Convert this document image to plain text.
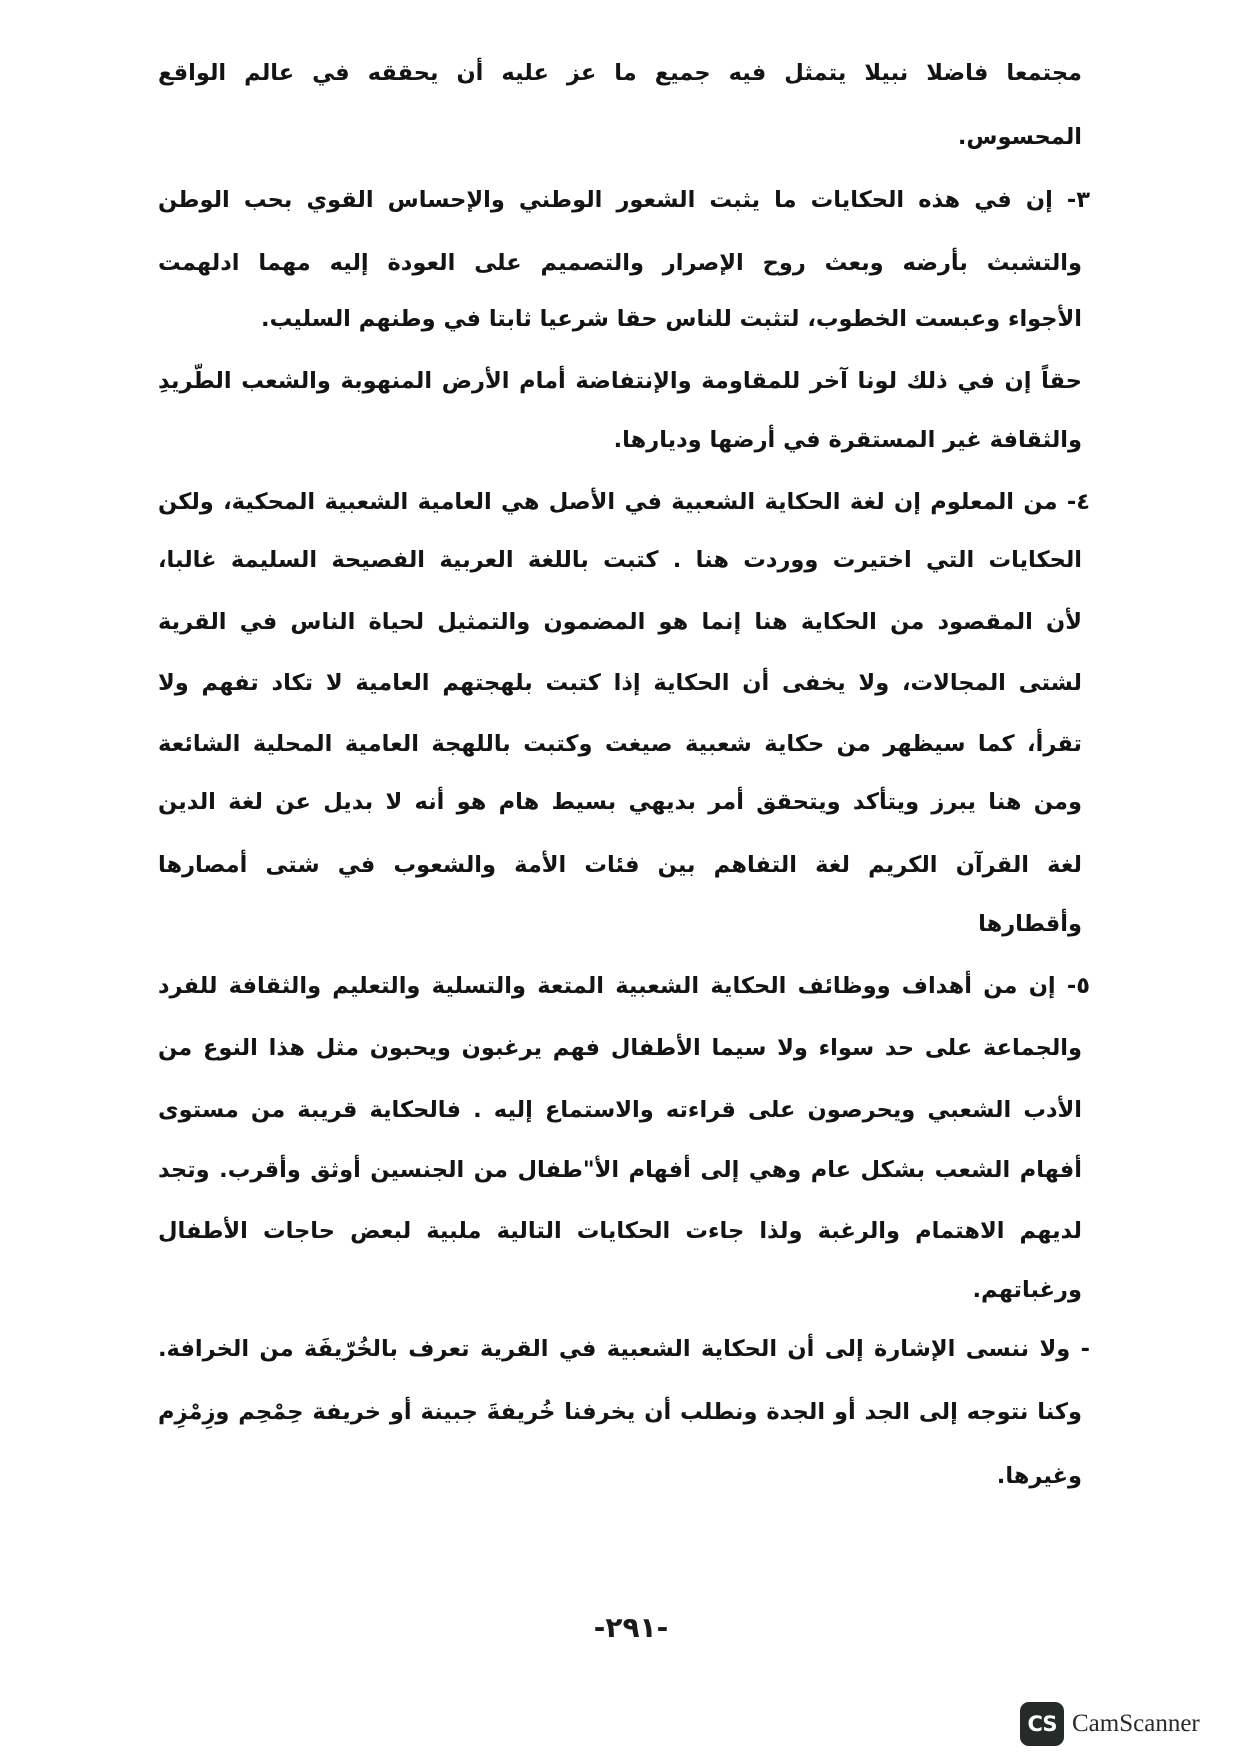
مجتمعا فاضلا نبيلا يتمثل فيه جميع ما عز عليه أن يحققه في عالم الواقع
المحسوس.
٣- إن في هذه الحكايات ما يثبت الشعور الوطني والإحساس القوي بحب الوطن
والتشبث بأرضه وبعث روح الإصرار والتصميم على العودة إليه مهما ادلهمت
الأجواء وعبست الخطوب، لتثبت للناس حقا شرعيا ثابتا في وطنهم السليب.
حقاً إن في ذلك لونا آخر للمقاومة والإنتفاضة أمام الأرض المنهوبة والشعب الطّريدِ
والثقافة غير المستقرة في أرضها وديارها.
٤- من المعلوم إن لغة الحكاية الشعبية في الأصل هي العامية الشعبية المحكية، ولكن
الحكايات التي اختيرت ووردت هنا . كتبت باللغة العربية الفصيحة السليمة غالبا،
لأن المقصود من الحكاية هنا إنما هو المضمون والتمثيل لحياة الناس في القرية
لشتى المجالات، ولا يخفى أن الحكاية إذا كتبت بلهجتهم العامية لا تكاد تفهم ولا
تقرأ، كما سيظهر من حكاية شعبية صيغت وكتبت باللهجة العامية المحلية الشائعة
ومن هنا يبرز ويتأكد ويتحقق أمر بديهي بسيط هام هو أنه لا بديل عن لغة الدين
لغة القرآن الكريم لغة التفاهم بين فئات الأمة والشعوب في شتى أمصارها
وأقطارها
٥- إن من أهداف ووظائف الحكاية الشعبية المتعة والتسلية والتعليم والثقافة للفرد
والجماعة على حد سواء ولا سيما الأطفال فهم يرغبون ويحبون مثل هذا النوع من
الأدب الشعبي ويحرصون على قراءته والاستماع إليه . فالحكاية قريبة من مستوى
أفهام الشعب بشكل عام وهي إلى أفهام الأ"طفال من الجنسين أوثق وأقرب. وتجد
لديهم الاهتمام والرغبة ولذا جاءت الحكايات التالية ملبية لبعض حاجات الأطفال
ورغباتهم.
- ولا ننسى الإشارة إلى أن الحكاية الشعبية في القرية تعرف بالخُرّيفَة من الخرافة.
وكنا نتوجه إلى الجد أو الجدة ونطلب أن يخرفنا خُريفةَ جبينة أو خريفة حِمْحِم وزِمْزِم
وغيرها.
-٢٩١-
CS CamScanner
